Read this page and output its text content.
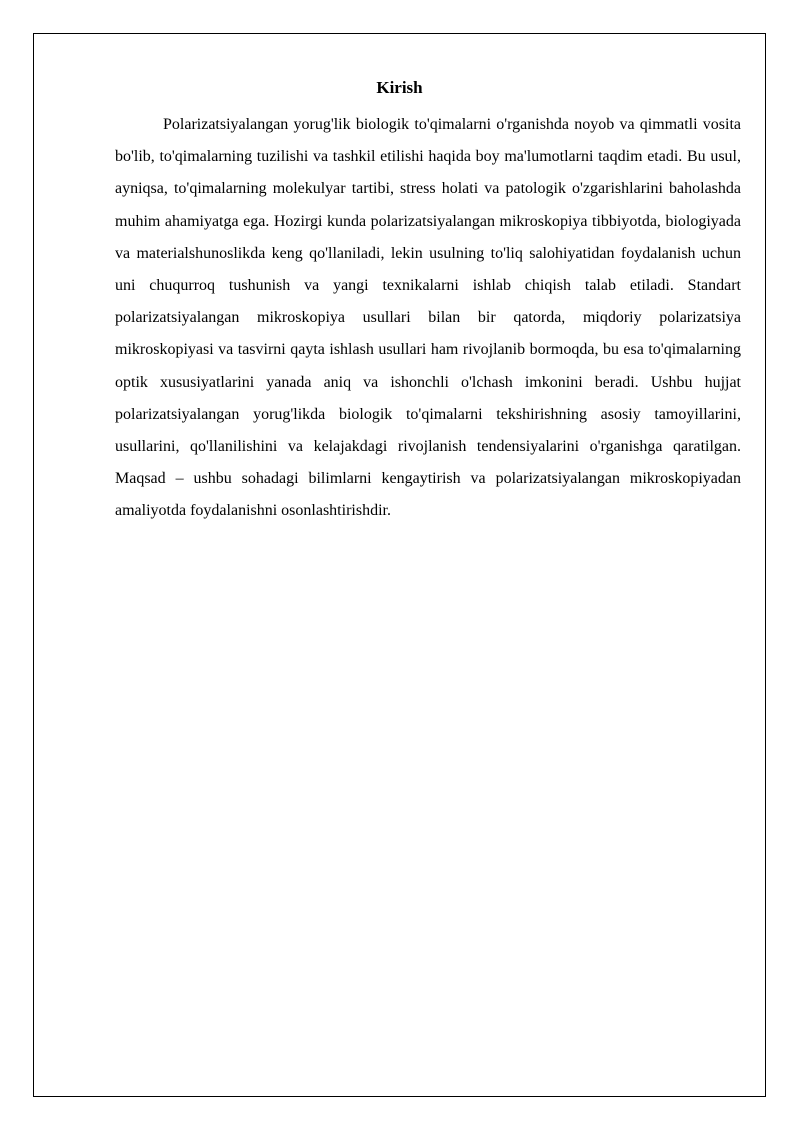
Kirish

Polarizatsiyalangan yorug'lik biologik to'qimalarni o'rganishda noyob va qimmatli vosita bo'lib, to'qimalarning tuzilishi va tashkil etilishi haqida boy ma'lumotlarni taqdim etadi. Bu usul, ayniqsa, to'qimalarning molekulyar tartibi, stress holati va patologik o'zgarishlarini baholashda muhim ahamiyatga ega. Hozirgi kunda polarizatsiyalangan mikroskopiya tibbiyotda, biologiyada va materialshunoslikda keng qo'llaniladi, lekin usulning to'liq salohiyatidan foydalanish uchun uni chuqurroq tushunish va yangi texnikalarni ishlab chiqish talab etiladi. Standart polarizatsiyalangan mikroskopiya usullari bilan bir qatorda, miqdoriy polarizatsiya mikroskopiyasi va tasvirni qayta ishlash usullari ham rivojlanib bormoqda, bu esa to'qimalarning optik xususiyatlarini yanada aniq va ishonchli o'lchash imkonini beradi. Ushbu hujjat polarizatsiyalangan yorug'likda biologik to'qimalarni tekshirishning asosiy tamoyillarini, usullarini, qo'llanilishini va kelajakdagi rivojlanish tendensiyalarini o'rganishga qaratilgan. Maqsad – ushbu sohadagi bilimlarni kengaytirish va polarizatsiyalangan mikroskopiyadan amaliyotda foydalanishni osonlashtirishdir.
